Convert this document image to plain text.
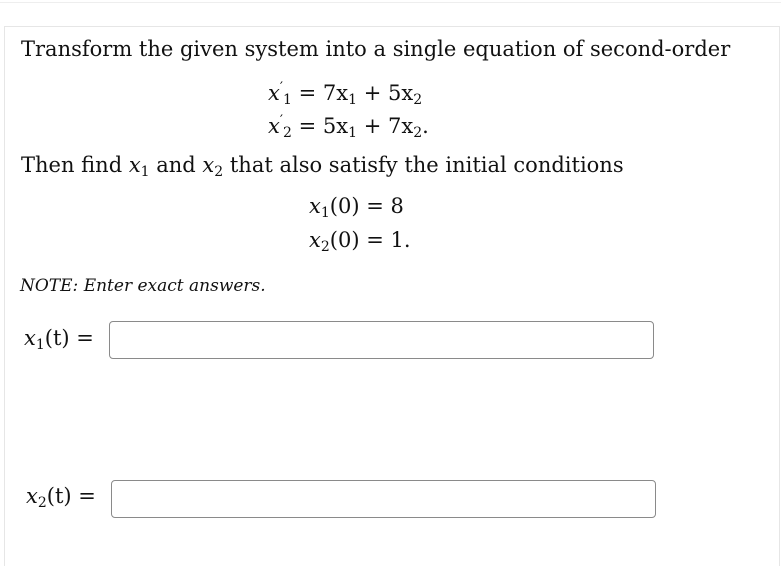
Transform the given system into a single equation of second-order
$x'_1 = 7x_1 + 5x_2$
$x'_2 = 5x_1 + 7x_2$.
Then find $x_1$ and $x_2$ that also satisfy the initial conditions
$x_1(0) = 8$
$x_2(0) = 1$.
NOTE: Enter exact answers.
$x_1(t)$ =
$x_2(t)$ =
